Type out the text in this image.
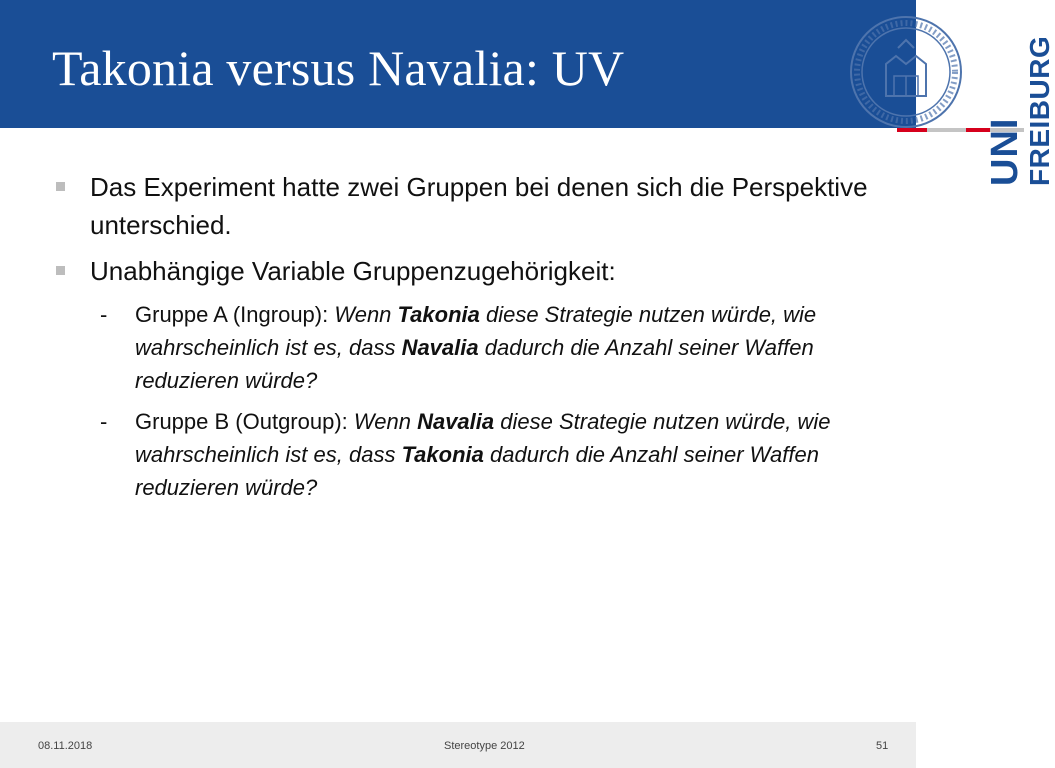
Takonia versus Navalia: UV
UNI
FREIBURG
Das Experiment hatte zwei Gruppen bei denen sich die Perspektive unterschied.
Unabhängige Variable Gruppenzugehörigkeit:
- Gruppe A (Ingroup): Wenn Takonia diese Strategie nutzen würde, wie wahrscheinlich ist es, dass Navalia dadurch die Anzahl seiner Waffen reduzieren würde?
- Gruppe B (Outgroup): Wenn Navalia diese Strategie nutzen würde, wie wahrscheinlich ist es, dass Takonia dadurch die Anzahl seiner Waffen reduzieren würde?
08.11.2018	Stereotype 2012	51
